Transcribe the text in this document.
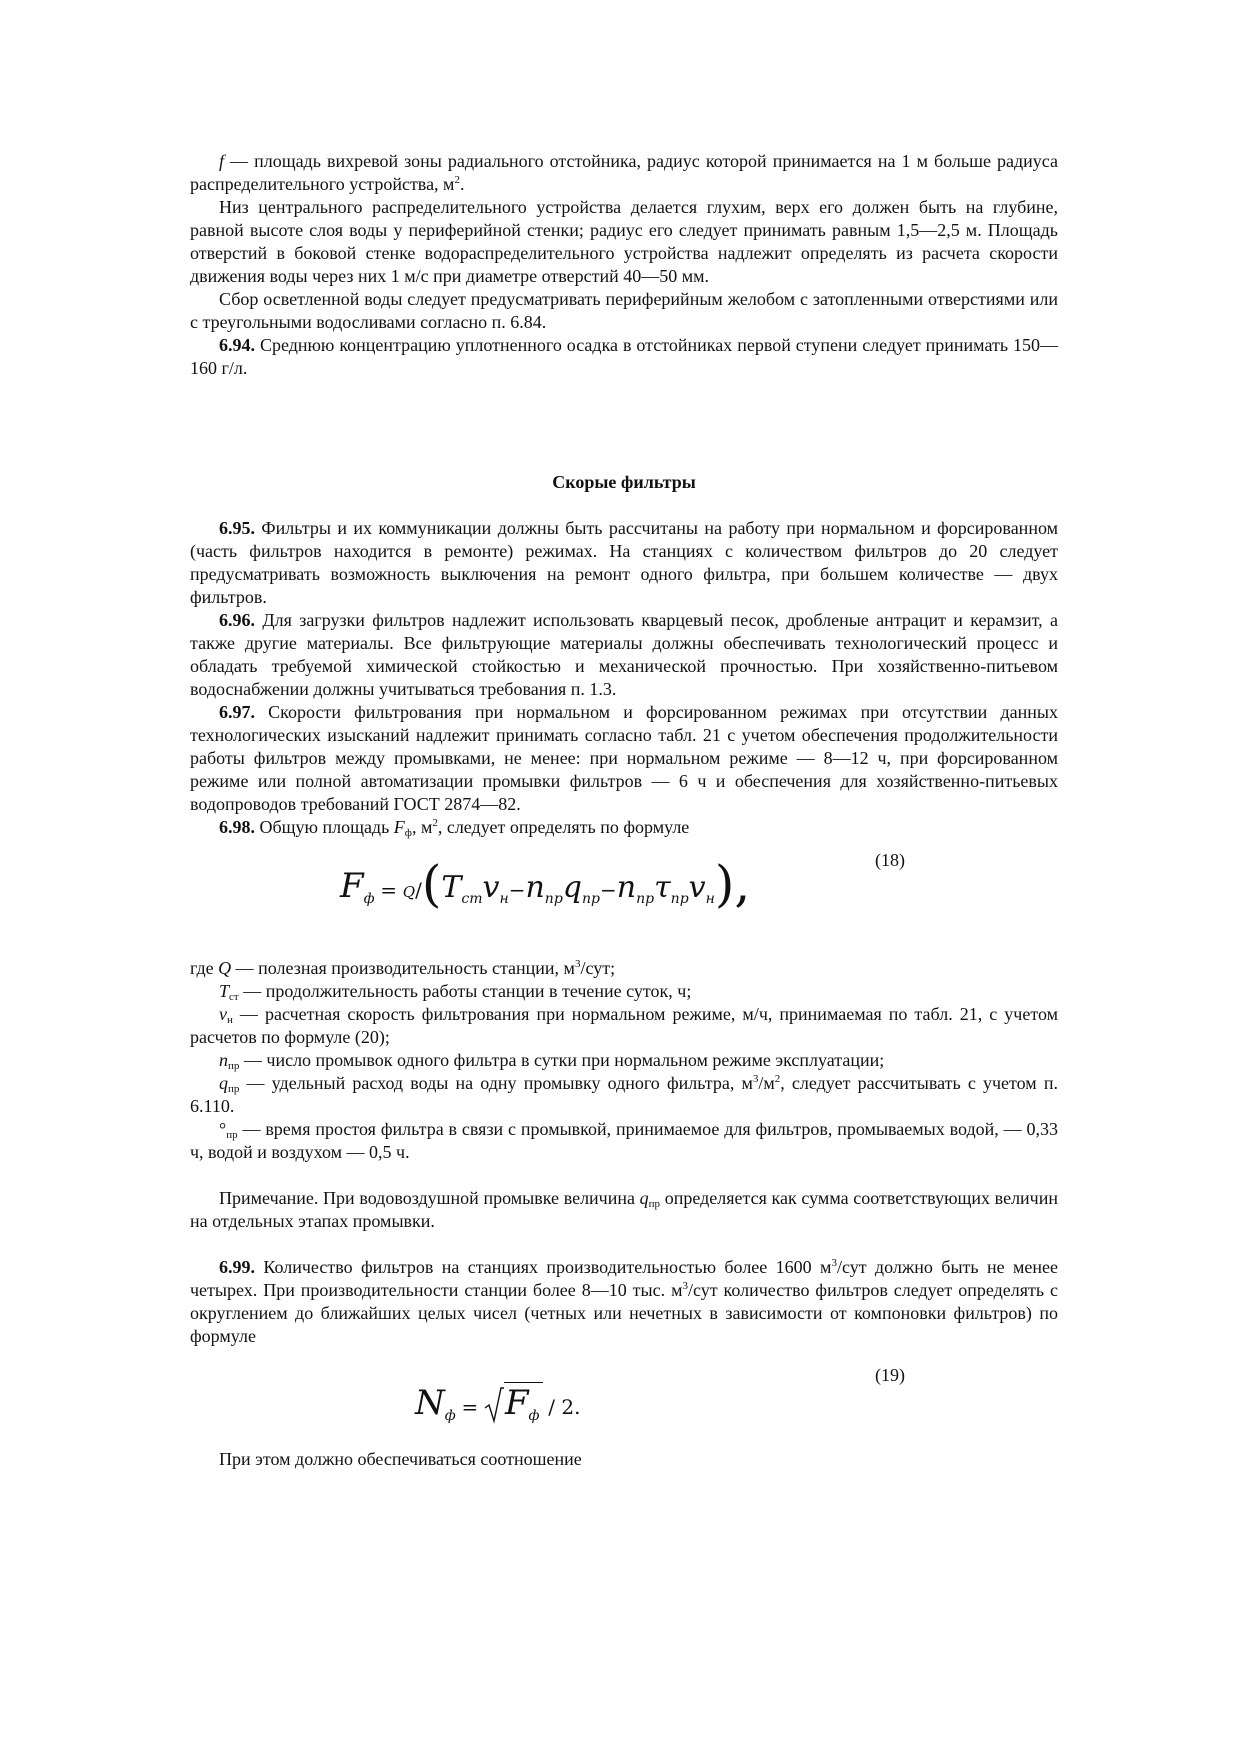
f — площадь вихревой зоны радиального отстойника, радиус которой принимается на 1 м больше радиуса распределительного устройства, $м^2$.

Низ центрального распределительного устройства делается глухим, верх его должен быть на глубине, равной высоте слоя воды у периферийной стенки; радиус его следует принимать равным 1,5—2,5 м. Площадь отверстий в боковой стенке водораспределительного устройства надлежит определять из расчета скорости движения воды через них 1 м/с при диаметре отверстий 40—50 мм.

Сбор осветленной воды следует предусматривать периферийным желобом с затопленными отверстиями или с треугольными водосливами согласно п. 6.84.

6.94. Среднюю концентрацию уплотненного осадка в отстойниках первой ступени следует принимать 150—160 г/л.

Скорые фильтры

6.95. Фильтры и их коммуникации должны быть рассчитаны на работу при нормальном и форсированном (часть фильтров находится в ремонте) режимах. На станциях с количеством фильтров до 20 следует предусматривать возможность выключения на ремонт одного фильтра, при большем количестве — двух фильтров.

6.96. Для загрузки фильтров надлежит использовать кварцевый песок, дробленые антрацит и керамзит, а также другие материалы. Все фильтрующие материалы должны обеспечивать технологический процесс и обладать требуемой химической стойкостью и механической прочностью. При хозяйственно-питьевом водоснабжении должны учитываться требования п. 1.3.

6.97. Скорости фильтрования при нормальном и форсированном режимах при отсутствии данных технологических изысканий надлежит принимать согласно табл. 21 с учетом обеспечения продолжительности работы фильтров между промывками, не менее: при нормальном режиме — 8—12 ч, при форсированном режиме или полной автоматизации промывки фильтров — 6 ч и обеспечения для хозяйственно-питьевых водопроводов требований ГОСТ 2874—82.

6.98. Общую площадь $F_ф$, $м^2$, следует определять по формуле

(18)
$F_ф = Q/(T_{ст}v_н-n_{пр}q_{пр}-n_{пр}\tau_{пр}v_н)$,

где Q — полезная производительность станции, $м^3$/сут;

$T_{ст}$ — продолжительность работы станции в течение суток, ч;

$v_н$ — расчетная скорость фильтрования при нормальном режиме, м/ч, принимаемая по табл. 21, с учетом расчетов по формуле (20);

$n_{пр}$ — число промывок одного фильтра в сутки при нормальном режиме эксплуатации;

$q_{пр}$ — удельный расход воды на одну промывку одного фильтра, $м^3/м^2$, следует рассчитывать с учетом п. 6.110.

$^\circ_{пр}$ — время простоя фильтра в связи с промывкой, принимаемое для фильтров, промываемых водой, — 0,33 ч, водой и воздухом — 0,5 ч.

Примечание. При водовоздушной промывке величина $q_{пр}$ определяется как сумма соответствующих величин на отдельных этапах промывки.

6.99. Количество фильтров на станциях производительностью более 1600 $м^3$/сут должно быть не менее четырех. При производительности станции более 8—10 тыс. $м^3$/сут количество фильтров следует определять с округлением до ближайших целых чисел (четных или нечетных в зависимости от компоновки фильтров) по формуле

(19)
$N_ф = F_ф / 2$.

При этом должно обеспечиваться соотношение
